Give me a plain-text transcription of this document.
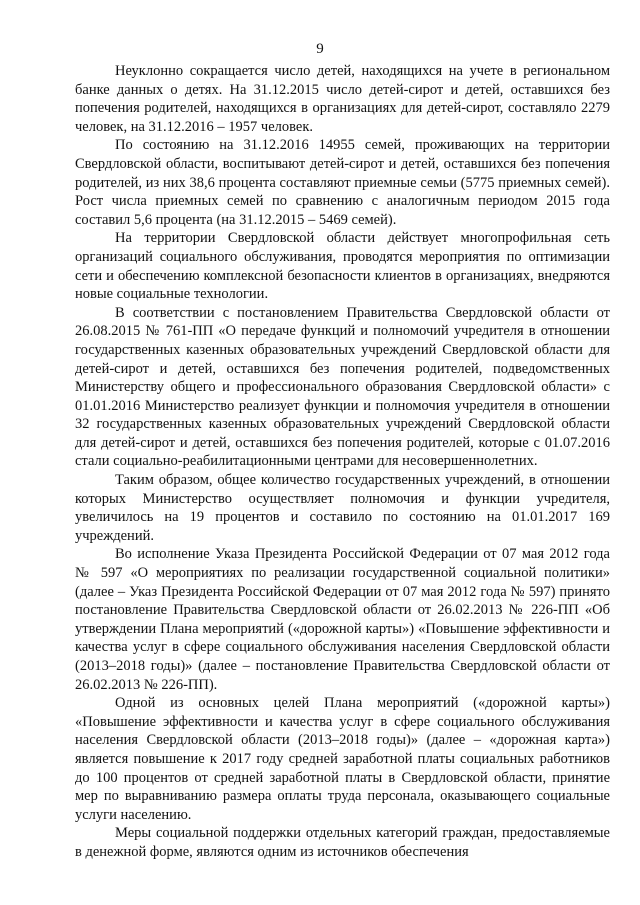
9

Неуклонно сокращается число детей, находящихся на учете в региональном банке данных о детях. На 31.12.2015 число детей-сирот и детей, оставшихся без попечения родителей, находящихся в организациях для детей-сирот, составляло 2279 человек, на 31.12.2016 – 1957 человек.

По состоянию на 31.12.2016 14955 семей, проживающих на территории Свердловской области, воспитывают детей-сирот и детей, оставшихся без попечения родителей, из них 38,6 процента составляют приемные семьи (5775 приемных семей). Рост числа приемных семей по сравнению с аналогичным периодом 2015 года составил 5,6 процента (на 31.12.2015 – 5469 семей).

На территории Свердловской области действует многопрофильная сеть организаций социального обслуживания, проводятся мероприятия по оптимизации сети и обеспечению комплексной безопасности клиентов в организациях, внедряются новые социальные технологии.

В соответствии с постановлением Правительства Свердловской области от 26.08.2015 № 761-ПП «О передаче функций и полномочий учредителя в отношении государственных казенных образовательных учреждений Свердловской области для детей-сирот и детей, оставшихся без попечения родителей, подведомственных Министерству общего и профессионального образования Свердловской области» с 01.01.2016 Министерство реализует функции и полномочия учредителя в отношении 32 государственных казенных образовательных учреждений Свердловской области для детей-сирот и детей, оставшихся без попечения родителей, которые с 01.07.2016 стали социально-реабилитационными центрами для несовершеннолетних.

Таким образом, общее количество государственных учреждений, в отношении которых Министерство осуществляет полномочия и функции учредителя, увеличилось на 19 процентов и составило по состоянию на 01.01.2017 169 учреждений.

Во исполнение Указа Президента Российской Федерации от 07 мая 2012 года № 597 «О мероприятиях по реализации государственной социальной политики» (далее – Указ Президента Российской Федерации от 07 мая 2012 года № 597) принято постановление Правительства Свердловской области от 26.02.2013 № 226-ПП «Об утверждении Плана мероприятий («дорожной карты») «Повышение эффективности и качества услуг в сфере социального обслуживания населения Свердловской области (2013–2018 годы)» (далее – постановление Правительства Свердловской области от 26.02.2013 № 226-ПП).

Одной из основных целей Плана мероприятий («дорожной карты») «Повышение эффективности и качества услуг в сфере социального обслуживания населения Свердловской области (2013–2018 годы)» (далее – «дорожная карта») является повышение к 2017 году средней заработной платы социальных работников до 100 процентов от средней заработной платы в Свердловской области, принятие мер по выравниванию размера оплаты труда персонала, оказывающего социальные услуги населению.

Меры социальной поддержки отдельных категорий граждан, предоставляемые в денежной форме, являются одним из источников обеспечения
